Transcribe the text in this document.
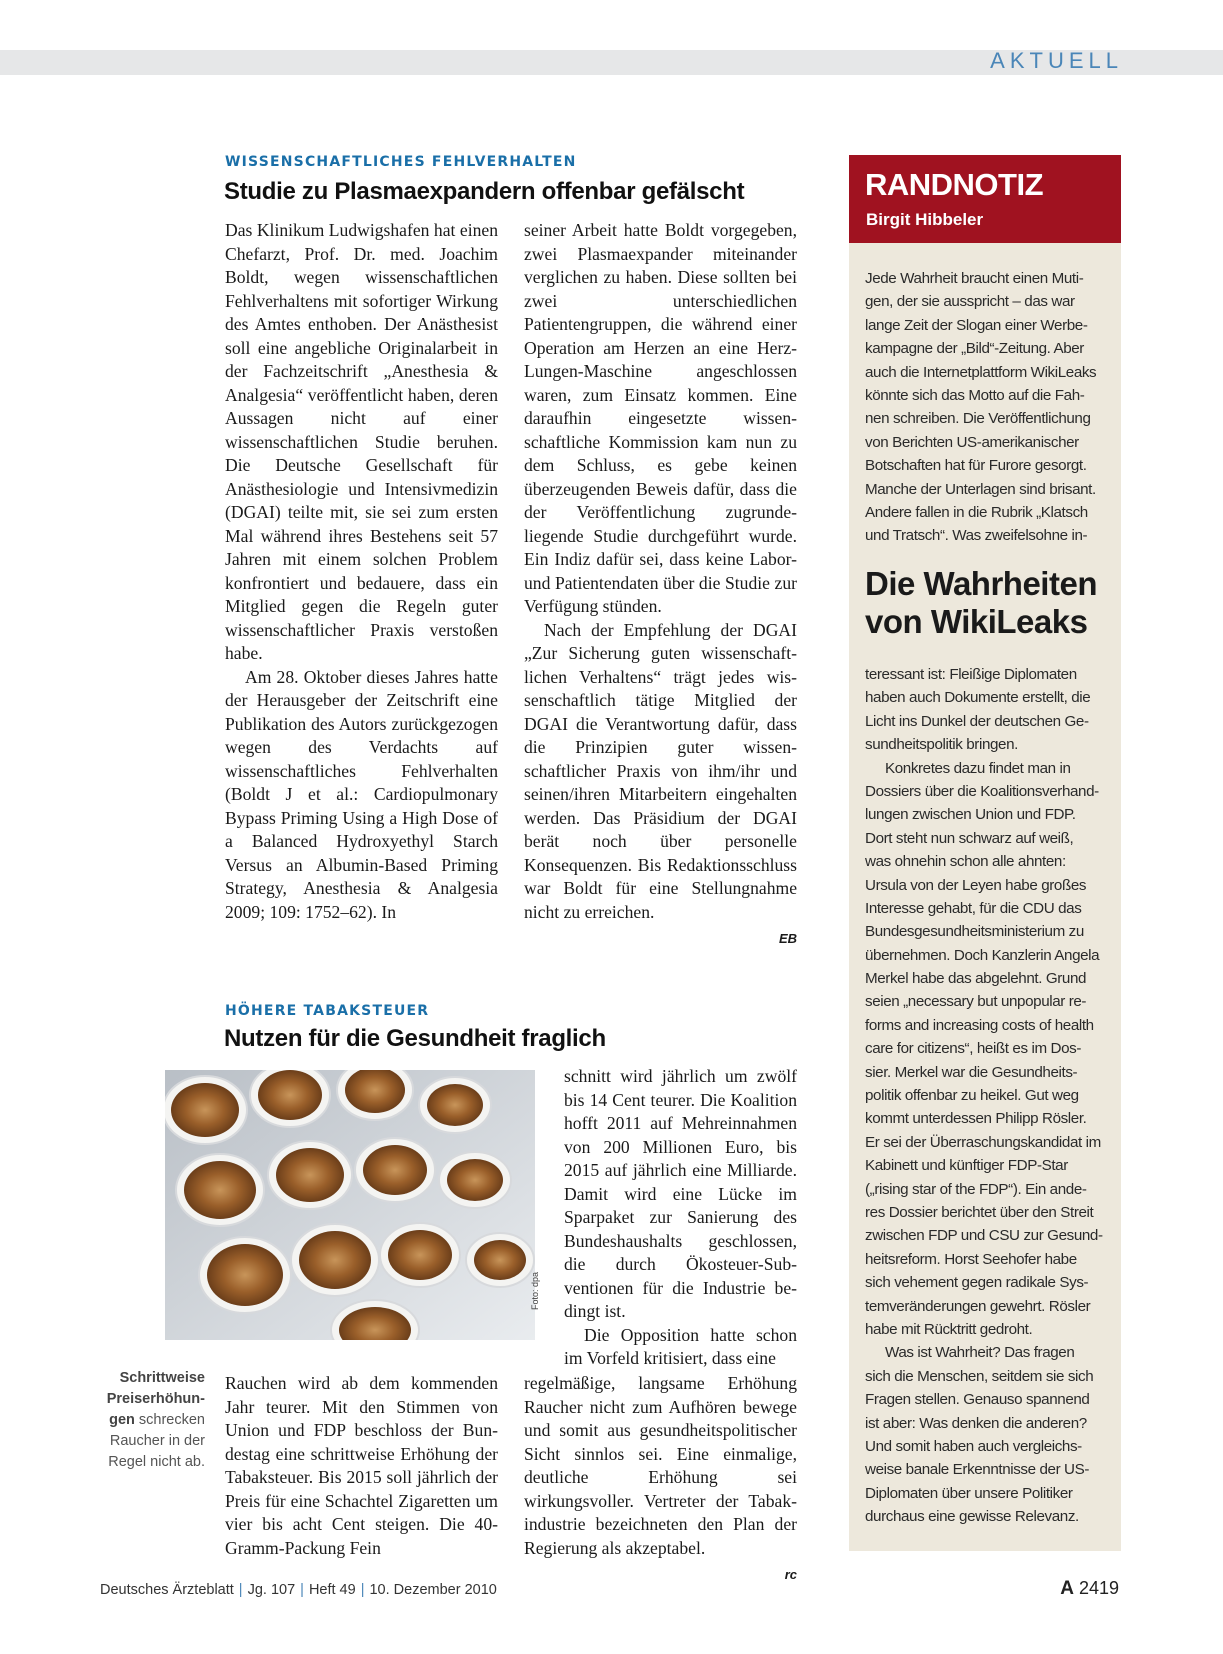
AKTUELL
WISSENSCHAFTLICHES FEHLVERHALTEN
Studie zu Plasmaexpandern offenbar gefälscht

Das Klinikum Ludwigshafen hat einen Chefarzt, Prof. Dr. med. Joachim Boldt, wegen wissenschaftlichen Fehlverhaltens mit sofortiger Wirkung des Amtes enthoben. Der Anästhesist soll eine angebliche Originalarbeit in der Fachzeitschrift „Anesthesia & Analgesia“ veröffentlicht haben, deren Aussagen nicht auf einer wissenschaftlichen Studie beruhen. Die Deutsche Gesellschaft für Anästhesiologie und Intensivmedizin (DGAI) teilte mit, sie sei zum ersten Mal während ihres Bestehens seit 57 Jahren mit einem solchen Problem konfrontiert und bedauere, dass ein Mitglied gegen die Regeln guter wissenschaftlicher Praxis verstoßen habe.

Am 28. Oktober dieses Jahres hatte der Herausgeber der Zeitschrift eine Publikation des Autors zurückgezogen wegen des Verdachts auf wissenschaftliches Fehlverhalten (Boldt J et al.: Cardiopulmonary Bypass Priming Using a High Dose of a Balanced Hydroxyethyl Starch Versus an Albumin-Based Priming Strategy, Anesthesia & Analgesia 2009; 109: 1752–62). In

seiner Arbeit hatte Boldt vorgegeben, zwei Plasmaexpander miteinander verglichen zu haben. Diese sollten bei zwei unterschiedlichen Patientengruppen, die während einer Operation am Herzen an eine Herz-Lungen-Maschine angeschlossen waren, zum Einsatz kommen. Eine daraufhin eingesetzte wissenschaftliche Kommission kam nun zu dem Schluss, es gebe keinen überzeugenden Beweis dafür, dass die der Veröffentlichung zugrundeliegende Studie durchgeführt wurde. Ein Indiz dafür sei, dass keine Labor- und Patientendaten über die Studie zur Verfügung stünden.

Nach der Empfehlung der DGAI „Zur Sicherung guten wissenschaftlichen Verhaltens“ trägt jedes wissenschaftlich tätige Mitglied der DGAI die Verantwortung dafür, dass die Prinzipien guter wissenschaftlicher Praxis von ihm/ihr und seinen/ihren Mitarbeitern eingehalten werden. Das Präsidium der DGAI berät noch über personelle Konsequenzen. Bis Redaktionsschluss war Boldt für eine Stellungnahme nicht zu erreichen.

EB
HÖHERE TABAKSTEUER
Nutzen für die Gesundheit fraglich
Foto: dpa
Schrittweise Preiserhöhungen schrecken Raucher in der Regel nicht ab.

Rauchen wird ab dem kommenden Jahr teurer. Mit den Stimmen von Union und FDP beschloss der Bundestag eine schrittweise Erhöhung der Tabaksteuer. Bis 2015 soll jährlich der Preis für eine Schachtel Zigaretten um vier bis acht Cent steigen. Die 40-Gramm-Packung Fein

schnitt wird jährlich um zwölf bis 14 Cent teurer. Die Koalition hofft 2011 auf Mehreinnahmen von 200 Millionen Euro, bis 2015 auf jährlich eine Milliarde. Damit wird eine Lücke im Sparpaket zur Sanierung des Bundeshaushalts geschlossen, die durch Ökosteuer-Subventionen für die Industrie bedingt ist.

Die Opposition hatte schon im Vorfeld kritisiert, dass eine

regelmäßige, langsame Erhöhung Raucher nicht zum Aufhören bewege und somit aus gesundheitspolitischer Sicht sinnlos sei. Eine einmalige, deutliche Erhöhung sei wirkungsvoller. Vertreter der Tabakindustrie bezeichneten den Plan der Regierung als akzeptabel.

rc
RANDNOTIZ
Birgit Hibbeler
Jede Wahrheit braucht einen Muti-
gen, der sie ausspricht – das war
lange Zeit der Slogan einer Werbe-
kampagne der „Bild“-Zeitung. Aber
auch die Internetplattform WikiLeaks
könnte sich das Motto auf die Fah-
nen schreiben. Die Veröffentlichung
von Berichten US-amerikanischer
Botschaften hat für Furore gesorgt.
Manche der Unterlagen sind brisant.
Andere fallen in die Rubrik „Klatsch
und Tratsch“. Was zweifelsohne in-
Die Wahrheiten
von WikiLeaks
teressant ist: Fleißige Diplomaten
haben auch Dokumente erstellt, die
Licht ins Dunkel der deutschen Ge-
sundheitspolitik bringen.
Konkretes dazu findet man in
Dossiers über die Koalitionsverhand-
lungen zwischen Union und FDP.
Dort steht nun schwarz auf weiß,
was ohnehin schon alle ahnten:
Ursula von der Leyen habe großes
Interesse gehabt, für die CDU das
Bundesgesundheitsministerium zu
übernehmen. Doch Kanzlerin Angela
Merkel habe das abgelehnt. Grund
seien „necessary but unpopular re-
forms and increasing costs of health
care for citizens“, heißt es im Dos-
sier. Merkel war die Gesundheits-
politik offenbar zu heikel. Gut weg
kommt unterdessen Philipp Rösler.
Er sei der Überraschungskandidat im
Kabinett und künftiger FDP-Star
(„rising star of the FDP“). Ein ande-
res Dossier berichtet über den Streit
zwischen FDP und CSU zur Gesund-
heitsreform. Horst Seehofer habe
sich vehement gegen radikale Sys-
temveränderungen gewehrt. Rösler
habe mit Rücktritt gedroht.
Was ist Wahrheit? Das fragen
sich die Menschen, seitdem sie sich
Fragen stellen. Genauso spannend
ist aber: Was denken die anderen?
Und somit haben auch vergleichs-
weise banale Erkenntnisse der US-
Diplomaten über unsere Politiker
durchaus eine gewisse Relevanz.
Deutsches Ärzteblatt | Jg. 107 | Heft 49 | 10. Dezember 2010	A 2419
